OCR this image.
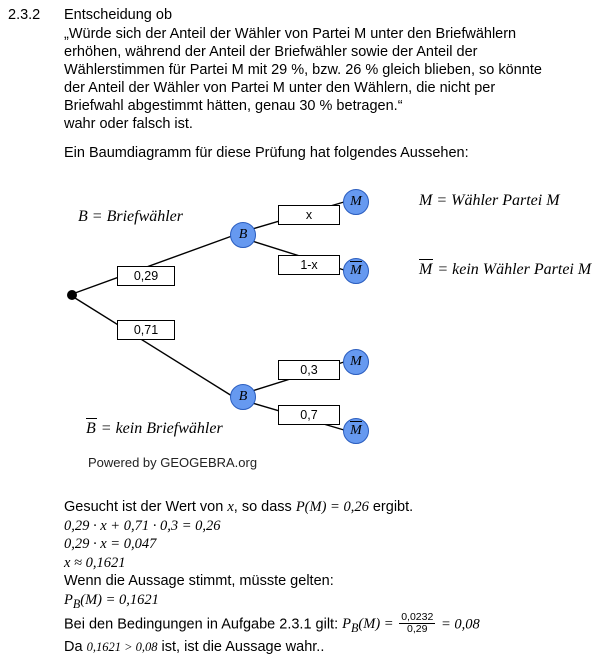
2.3.2	Entscheidung ob
„Würde sich der Anteil der Wähler von Partei M unter den Briefwählern
erhöhen, während der Anteil der Briefwähler sowie der Anteil der
Wählerstimmen für Partei M mit 29 %, bzw. 26 % gleich blieben, so könnte
der Anteil der Wähler von Partei M unter den Wählern, die nicht per
Briefwahl abgestimmt hätten, genau 30 % betragen.“
wahr oder falsch ist.
Ein Baumdiagramm für diese Prüfung hat folgendes Aussehen:
0,29
0,71
x
1-x
0,3
0,7
B
B
M
M
M
M
B = Briefwähler
B = kein Briefwähler
M = Wähler Partei M
M = kein Wähler Partei M
Powered by GEOGEBRA.org
Gesucht ist der Wert von x, so dass P(M) = 0,26 ergibt.
0,29 · x + 0,71 · 0,3 = 0,26
0,29 · x = 0,047
x ≈ 0,1621
Wenn die Aussage stimmt, müsste gelten:
$P_B(M) = 0,1621$
Bei den Bedingungen in Aufgabe 2.3.1 gilt: $P_B(M) = \frac{0,0232}{0,29} = 0,08$
Da 0,1621 > 0,08 ist, ist die Aussage wahr..
